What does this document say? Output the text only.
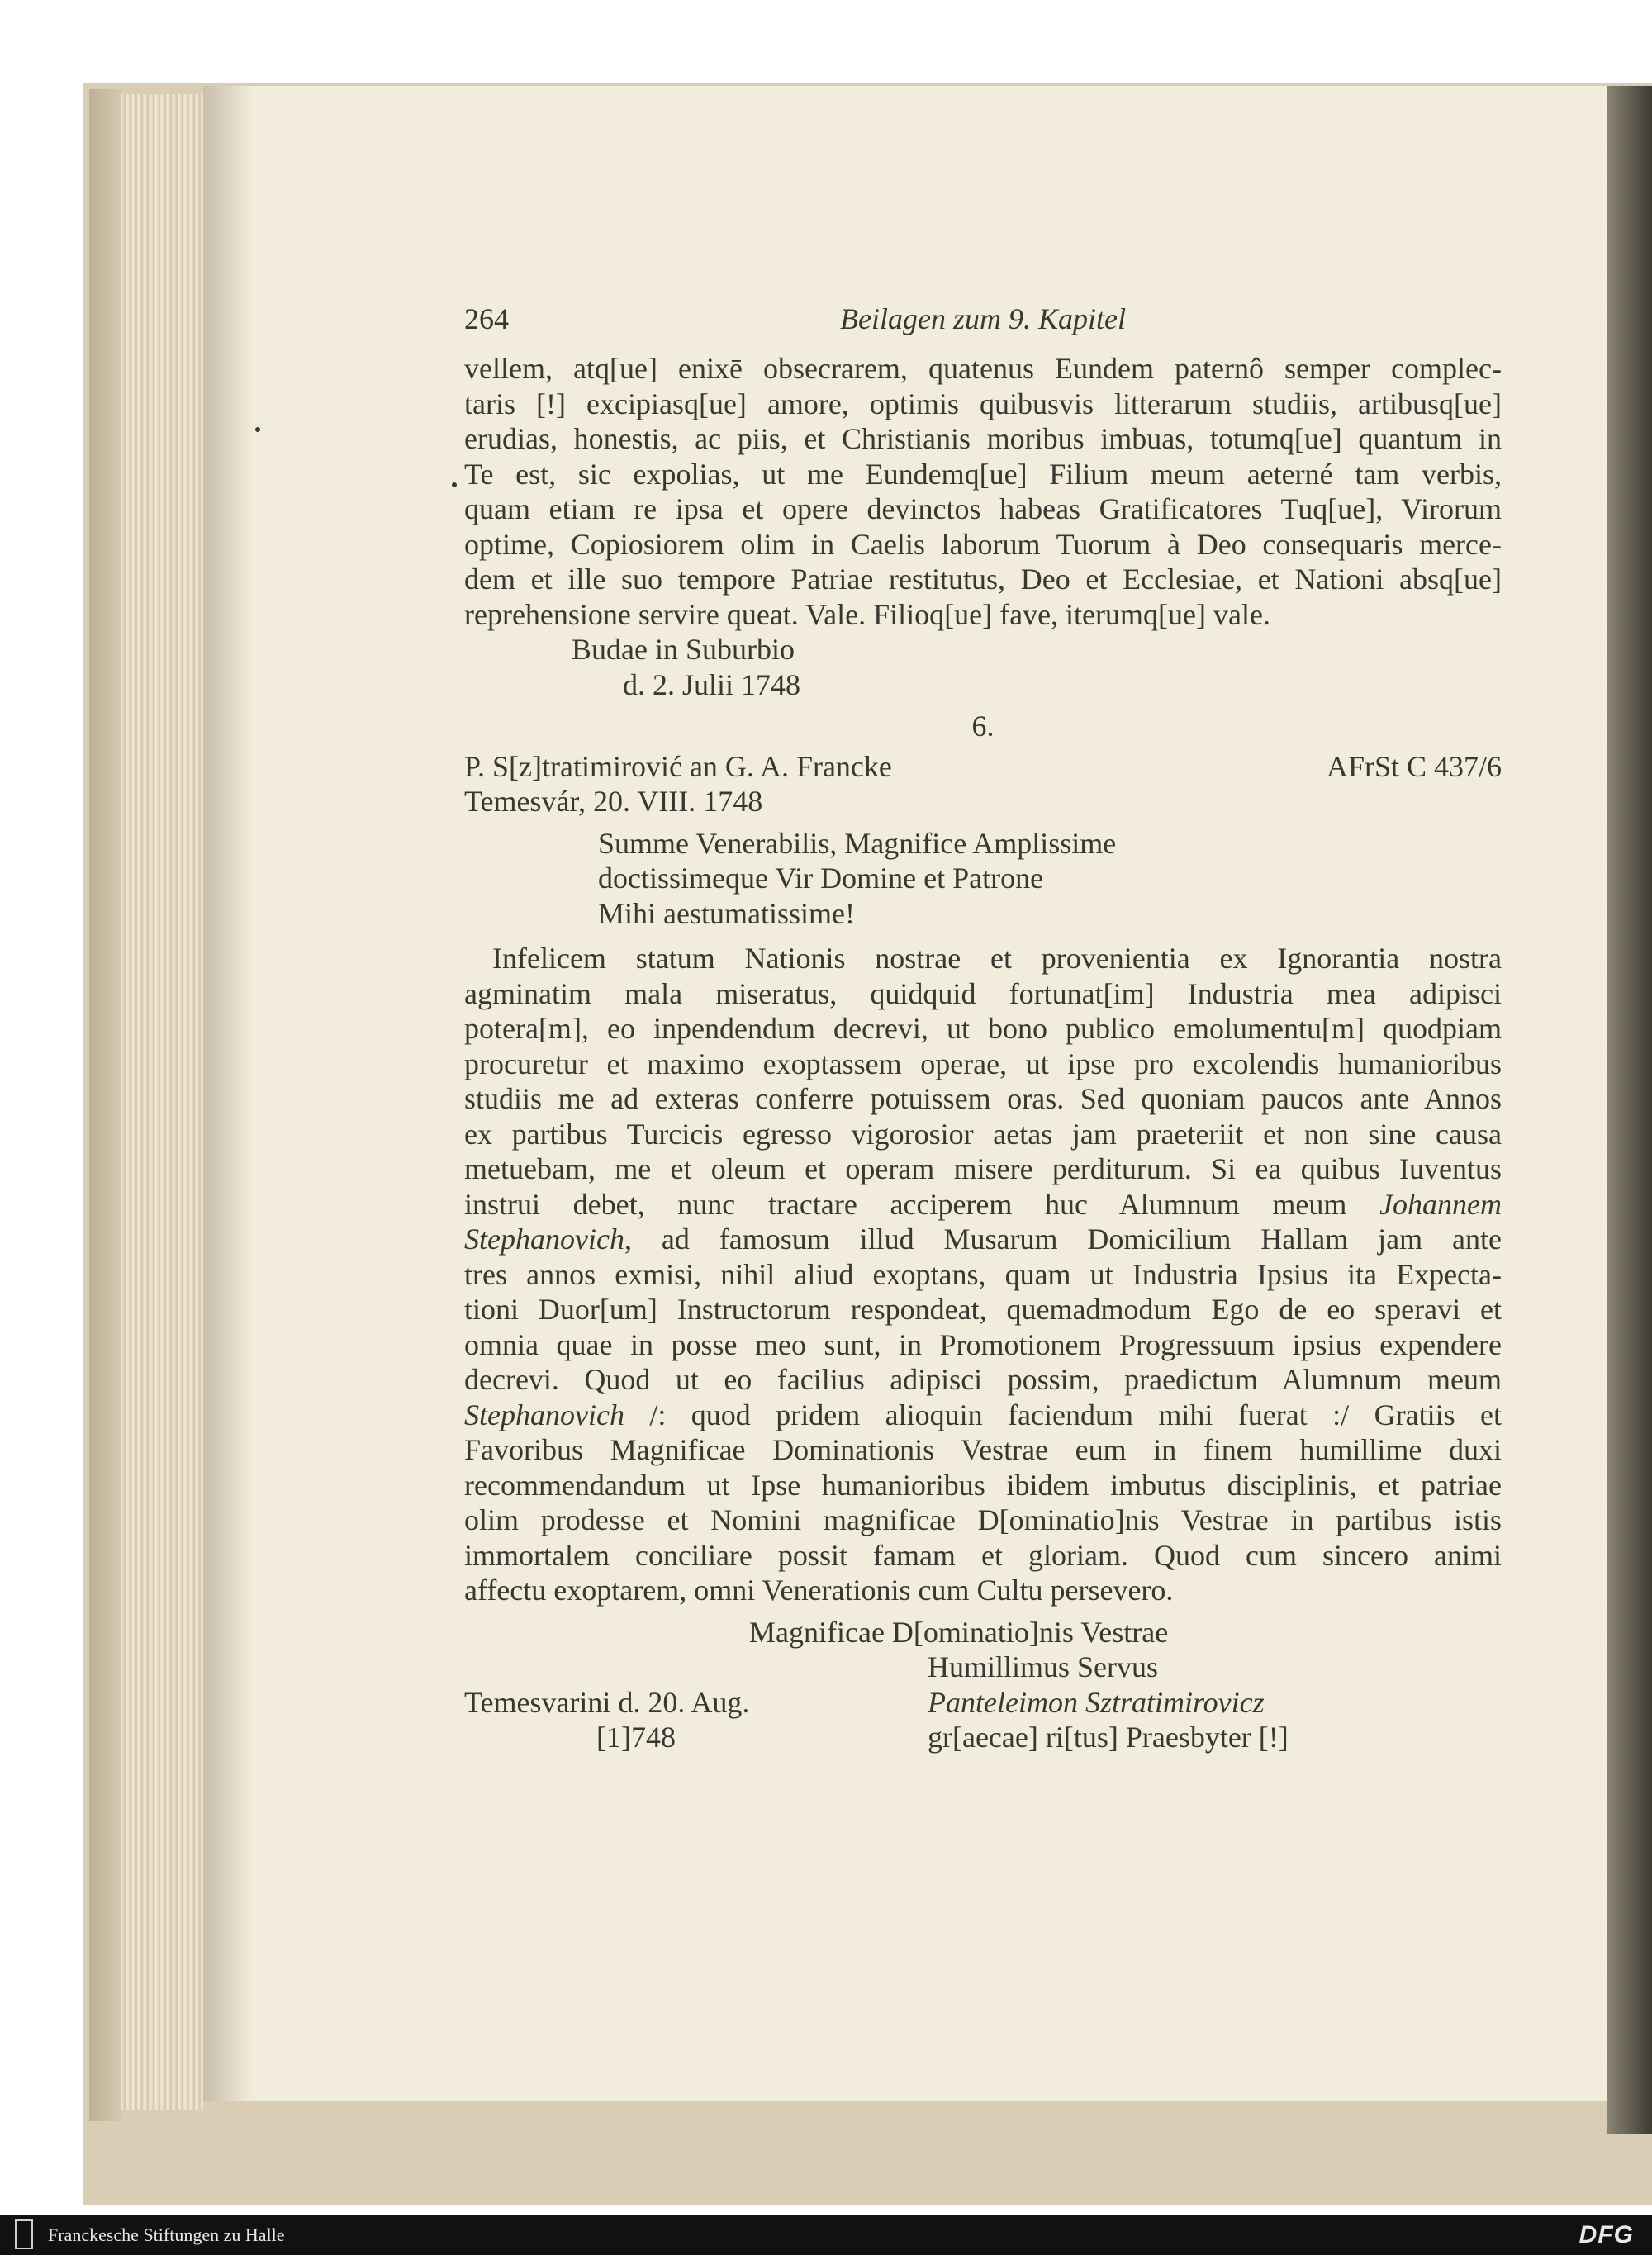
264	Beilagen zum 9. Kapitel

vellem, atq[ue] enixē obsecrarem, quatenus Eundem paternô semper complec-

taris [!] excipiasq[ue] amore, optimis quibusvis litterarum studiis, artibusq[ue]

erudias, honestis, ac piis, et Christianis moribus imbuas, totumq[ue] quantum in

Te est, sic expolias, ut me Eundemq[ue] Filium meum aeterné tam verbis,

quam etiam re ipsa et opere devinctos habeas Gratificatores Tuq[ue], Virorum

optime, Copiosiorem olim in Caelis laborum Tuorum à Deo consequaris merce-

dem et ille suo tempore Patriae restitutus, Deo et Ecclesiae, et Nationi absq[ue]

reprehensione servire queat. Vale. Filioq[ue] fave, iterumq[ue] vale.

Budae in Suburbio

d. 2. Julii 1748

6.

P. S[z]tratimirović an G. A. Francke	AFrSt C 437/6

Temesvár, 20. VIII. 1748

Summe Venerabilis, Magnifice Amplissime

doctissimeque Vir Domine et Patrone

Mihi aestumatissime!

Infelicem statum Nationis nostrae et provenientia ex Ignorantia nostra

agminatim mala miseratus, quidquid fortunat[im] Industria mea adipisci

potera[m], eo inpendendum decrevi, ut bono publico emolumentu[m] quodpiam

procuretur et maximo exoptassem operae, ut ipse pro excolendis humanioribus

studiis me ad exteras conferre potuissem oras. Sed quoniam paucos ante Annos

ex partibus Turcicis egresso vigorosior aetas jam praeteriit et non sine causa

metuebam, me et oleum et operam misere perditurum. Si ea quibus Iuventus

instrui debet, nunc tractare acciperem huc Alumnum meum Johannem

Stephanovich, ad famosum illud Musarum Domicilium Hallam jam ante

tres annos exmisi, nihil aliud exoptans, quam ut Industria Ipsius ita Expecta-

tioni Duor[um] Instructorum respondeat, quemadmodum Ego de eo speravi et

omnia quae in posse meo sunt, in Promotionem Progressuum ipsius expendere

decrevi. Quod ut eo facilius adipisci possim, praedictum Alumnum meum

Stephanovich /: quod pridem alioquin faciendum mihi fuerat :/ Gratiis et

Favoribus Magnificae Dominationis Vestrae eum in finem humillime duxi

recommendandum ut Ipse humanioribus ibidem imbutus disciplinis, et patriae

olim prodesse et Nomini magnificae D[ominatio]nis Vestrae in partibus istis

immortalem conciliare possit famam et gloriam. Quod cum sincero animi

affectu exoptarem, omni Venerationis cum Cultu persevero.

Magnificae D[ominatio]nis Vestrae

Humillimus Servus

Temesvarini d. 20. Aug.	Panteleimon Sztratimirovicz
[1]748	gr[aecae] ri[tus] Praesbyter [!]
Franckesche Stiftungen zu Halle	DFG
